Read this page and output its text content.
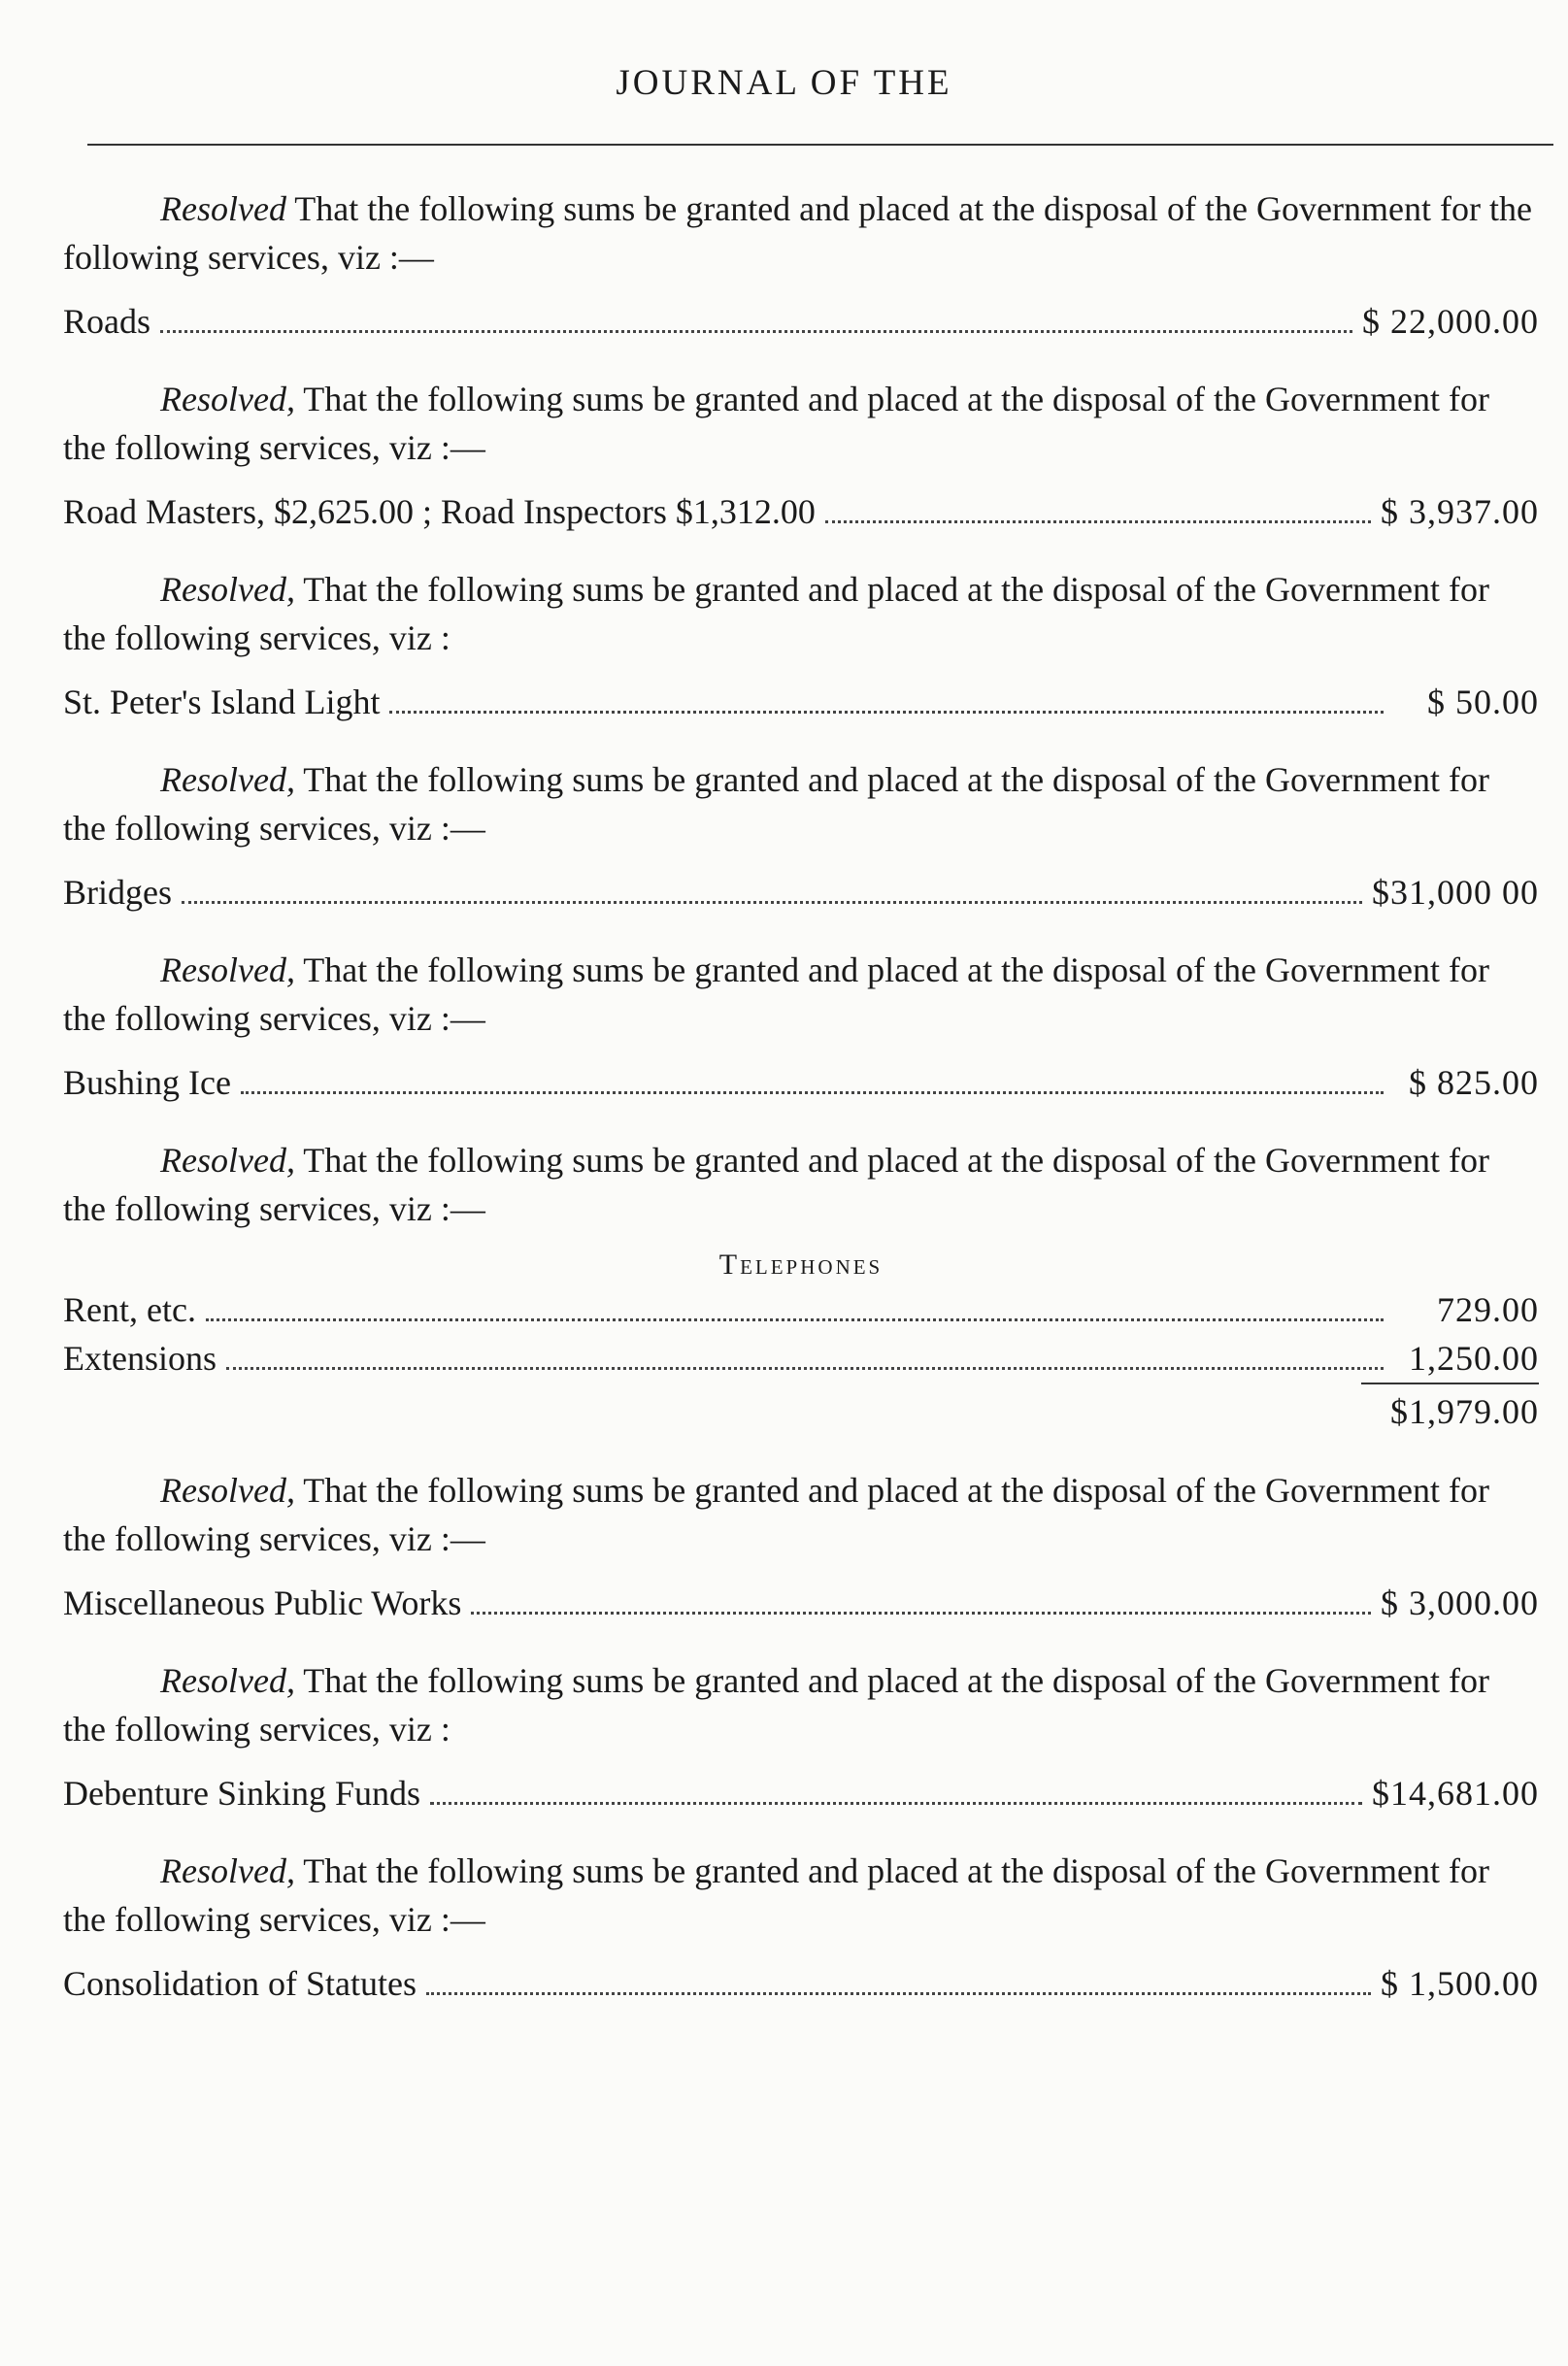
JOURNAL OF THE

Resolved That the following sums be granted and placed at the disposal of the Government for the following services, viz :—

Roads	$ 22,000.00

Resolved, That the following sums be granted and placed at the disposal of the Government for the following services, viz :—

Road Masters, $2,625.00 ; Road Inspectors $1,312.00	$ 3,937.00

Resolved, That the following sums be granted and placed at the disposal of the Government for the following services, viz :

St. Peter's Island Light	$ 50.00

Resolved, That the following sums be granted and placed at the disposal of the Government for the following services, viz :—

Bridges	$31,000 00

Resolved, That the following sums be granted and placed at the disposal of the Government for the following services, viz :—

Bushing Ice	$ 825.00

Resolved, That the following sums be granted and placed at the disposal of the Government for the following services, viz :—

Telephones
Rent, etc.	729.00
Extensions	1,250.00
$1,979.00

Resolved, That the following sums be granted and placed at the disposal of the Government for the following services, viz :—

Miscellaneous Public Works	$ 3,000.00

Resolved, That the following sums be granted and placed at the disposal of the Government for the following services, viz :

Debenture Sinking Funds	$14,681.00

Resolved, That the following sums be granted and placed at the disposal of the Government for the following services, viz :—

Consolidation of Statutes	$ 1,500.00
